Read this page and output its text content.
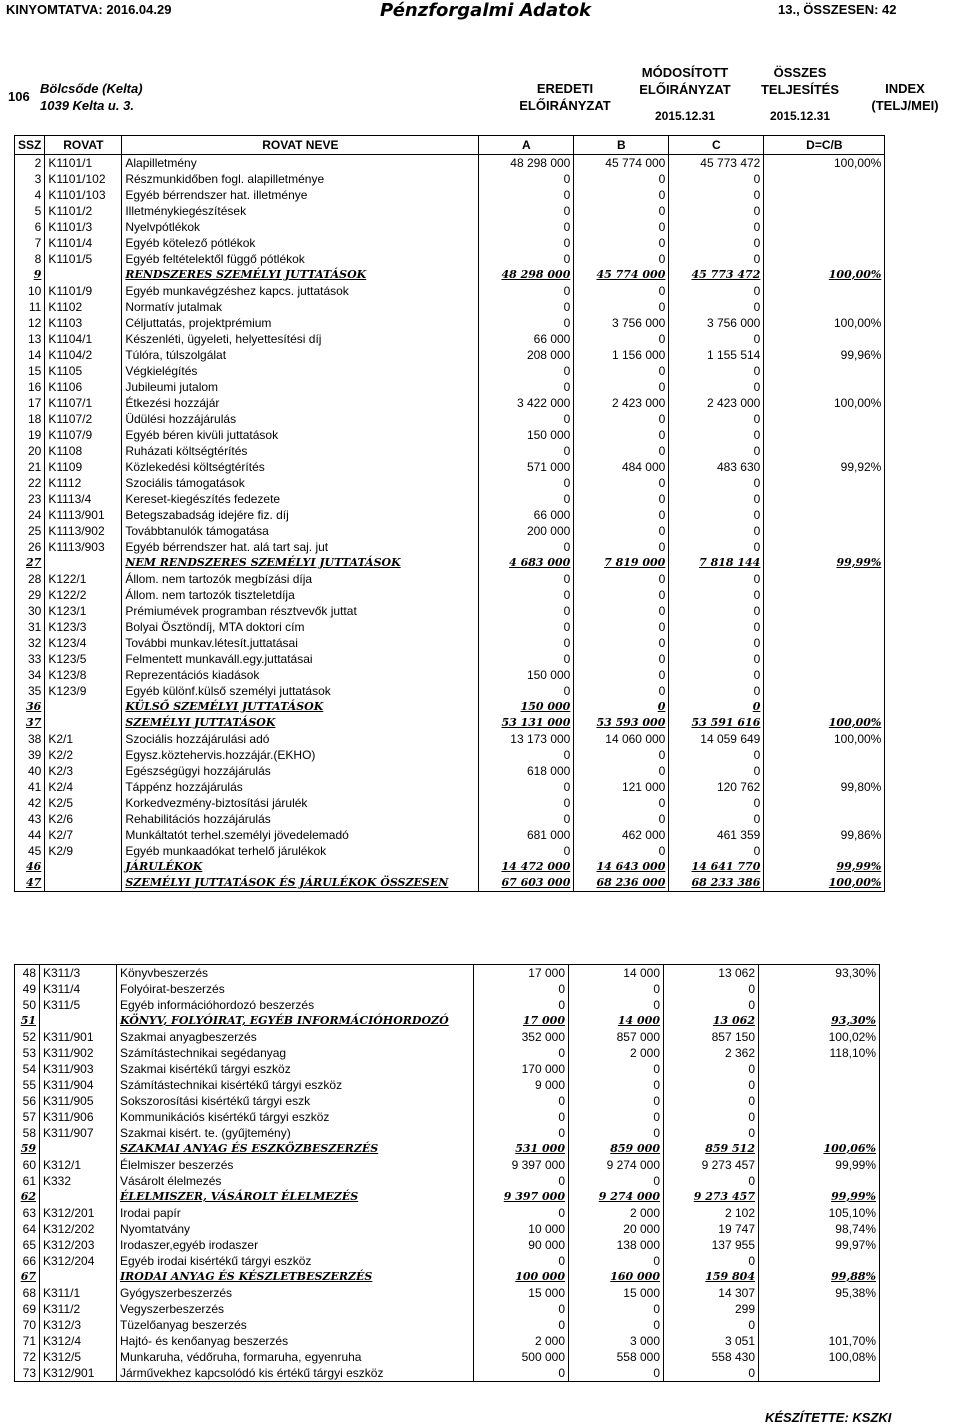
KINYOMTATVA: 2016.04.29	Pénzforgalmi Adatok	13., ÖSSZESEN: 42
106
Bölcsőde (Kelta)
1039 Kelta u. 3.
EREDETI
ELŐIRÁNYZAT
MÓDOSÍTOTT
ELŐIRÁNYZAT
2015.12.31
ÖSSZES
TELJESÍTÉS
2015.12.31
INDEX
(TELJ/MEI)
SSZ	ROVAT	ROVAT NEVE	A	B	C	D=C/B
2	K1101/1	Alapilletmény	48 298 000	45 774 000	45 773 472	100,00%
3	K1101/102	Részmunkidőben fogl. alapilletménye	0	0	0	
4	K1101/103	Egyéb bérrendszer hat. illetménye	0	0	0	
5	K1101/2	Illetménykiegészítések	0	0	0	
6	K1101/3	Nyelvpótlékok	0	0	0	
7	K1101/4	Egyéb kötelező pótlékok	0	0	0	
8	K1101/5	Egyéb feltételektől függő pótlékok	0	0	0	
9		RENDSZERES SZEMÉLYI JUTTATÁSOK	48 298 000	45 774 000	45 773 472	100,00%
10	K1101/9	Egyéb munkavégzéshez kapcs. juttatások	0	0	0	
11	K1102	Normatív jutalmak	0	0	0	
12	K1103	Céljuttatás, projektprémium	0	3 756 000	3 756 000	100,00%
13	K1104/1	Készenléti, ügyeleti, helyettesítési díj	66 000	0	0	
14	K1104/2	Túlóra, túlszolgálat	208 000	1 156 000	1 155 514	99,96%
15	K1105	Végkielégítés	0	0	0	
16	K1106	Jubileumi jutalom	0	0	0	
17	K1107/1	Étkezési hozzájár	3 422 000	2 423 000	2 423 000	100,00%
18	K1107/2	Üdülési hozzájárulás	0	0	0	
19	K1107/9	Egyéb béren kivüli juttatások	150 000	0	0	
20	K1108	Ruházati költségtérítés	0	0	0	
21	K1109	Közlekedési költségtérítés	571 000	484 000	483 630	99,92%
22	K1112	Szociális támogatások	0	0	0	
23	K1113/4	Kereset-kiegészítés fedezete	0	0	0	
24	K1113/901	Betegszabadság idejére fiz. díj	66 000	0	0	
25	K1113/902	Továbbtanulók támogatása	200 000	0	0	
26	K1113/903	Egyéb bérrendszer hat. alá tart saj. jut	0	0	0	
27		NEM RENDSZERES SZEMÉLYI JUTTATÁSOK	4 683 000	7 819 000	7 818 144	99,99%
28	K122/1	Állom. nem tartozók megbízási díja	0	0	0	
29	K122/2	Állom. nem tartozók tiszteletdíja	0	0	0	
30	K123/1	Prémiumévek programban résztvevők juttat	0	0	0	
31	K123/3	Bolyai Ösztöndíj, MTA doktori cím	0	0	0	
32	K123/4	További munkav.létesít.juttatásai	0	0	0	
33	K123/5	Felmentett munkaváll.egy.juttatásai	0	0	0	
34	K123/8	Reprezentációs kiadások	150 000	0	0	
35	K123/9	Egyéb különf.külső személyi juttatások	0	0	0	
36		KÜLSŐ SZEMÉLYI JUTTATÁSOK	150 000	0	0	
37		SZEMÉLYI JUTTATÁSOK	53 131 000	53 593 000	53 591 616	100,00%
38	K2/1	Szociális hozzájárulási adó	13 173 000	14 060 000	14 059 649	100,00%
39	K2/2	Egysz.köztehervis.hozzájár.(EKHO)	0	0	0	
40	K2/3	Egészségügyi hozzájárulás	618 000	0	0	
41	K2/4	Táppénz hozzájárulás	0	121 000	120 762	99,80%
42	K2/5	Korkedvezmény-biztosítási járulék	0	0	0	
43	K2/6	Rehabilitációs hozzájárulás	0	0	0	
44	K2/7	Munkáltatót terhel.személyi jövedelemadó	681 000	462 000	461 359	99,86%
45	K2/9	Egyéb munkaadókat terhelő járulékok	0	0	0	
46		JÁRULÉKOK	14 472 000	14 643 000	14 641 770	99,99%
47		SZEMÉLYI JUTTATÁSOK ÉS JÁRULÉKOK ÖSSZESEN	67 603 000	68 236 000	68 233 386	100,00%
48	K311/3	Könyvbeszerzés	17 000	14 000	13 062	93,30%
49	K311/4	Folyóirat-beszerzés	0	0	0	
50	K311/5	Egyéb információhordozó beszerzés	0	0	0	
51		KÖNYV, FOLYÓIRAT, EGYÉB INFORMÁCIÓHORDOZÓ	17 000	14 000	13 062	93,30%
52	K311/901	Szakmai anyagbeszerzés	352 000	857 000	857 150	100,02%
53	K311/902	Számítástechnikai segédanyag	0	2 000	2 362	118,10%
54	K311/903	Szakmai kisértékű tárgyi eszköz	170 000	0	0	
55	K311/904	Számítástechnikai kisértékű tárgyi eszköz	9 000	0	0	
56	K311/905	Sokszorosítási kisértékű tárgyi eszk	0	0	0	
57	K311/906	Kommunikációs kisértékű tárgyi eszköz	0	0	0	
58	K311/907	Szakmai kisért. te. (gyűjtemény)	0	0	0	
59		SZAKMAI ANYAG ÉS ESZKÖZBESZERZÉS	531 000	859 000	859 512	100,06%
60	K312/1	Élelmiszer beszerzés	9 397 000	9 274 000	9 273 457	99,99%
61	K332	Vásárolt élelmezés	0	0	0	
62		ÉLELMISZER, VÁSÁROLT ÉLELMEZÉS	9 397 000	9 274 000	9 273 457	99,99%
63	K312/201	Irodai papír	0	2 000	2 102	105,10%
64	K312/202	Nyomtatvány	10 000	20 000	19 747	98,74%
65	K312/203	Irodaszer,egyéb irodaszer	90 000	138 000	137 955	99,97%
66	K312/204	Egyéb irodai kisértékű tárgyi eszköz	0	0	0	
67		IRODAI ANYAG ÉS KÉSZLETBESZERZÉS	100 000	160 000	159 804	99,88%
68	K311/1	Gyógyszerbeszerzés	15 000	15 000	14 307	95,38%
69	K311/2	Vegyszerbeszerzés	0	0	299	
70	K312/3	Tüzelőanyag beszerzés	0	0	0	
71	K312/4	Hajtó- és kenőanyag beszerzés	2 000	3 000	3 051	101,70%
72	K312/5	Munkaruha, védőruha, formaruha, egyenruha	500 000	558 000	558 430	100,08%
73	K312/901	Járművekhez kapcsolódó kis értékű tárgyi eszköz	0	0	0	
KÉSZÍTETTE: KSZKI
